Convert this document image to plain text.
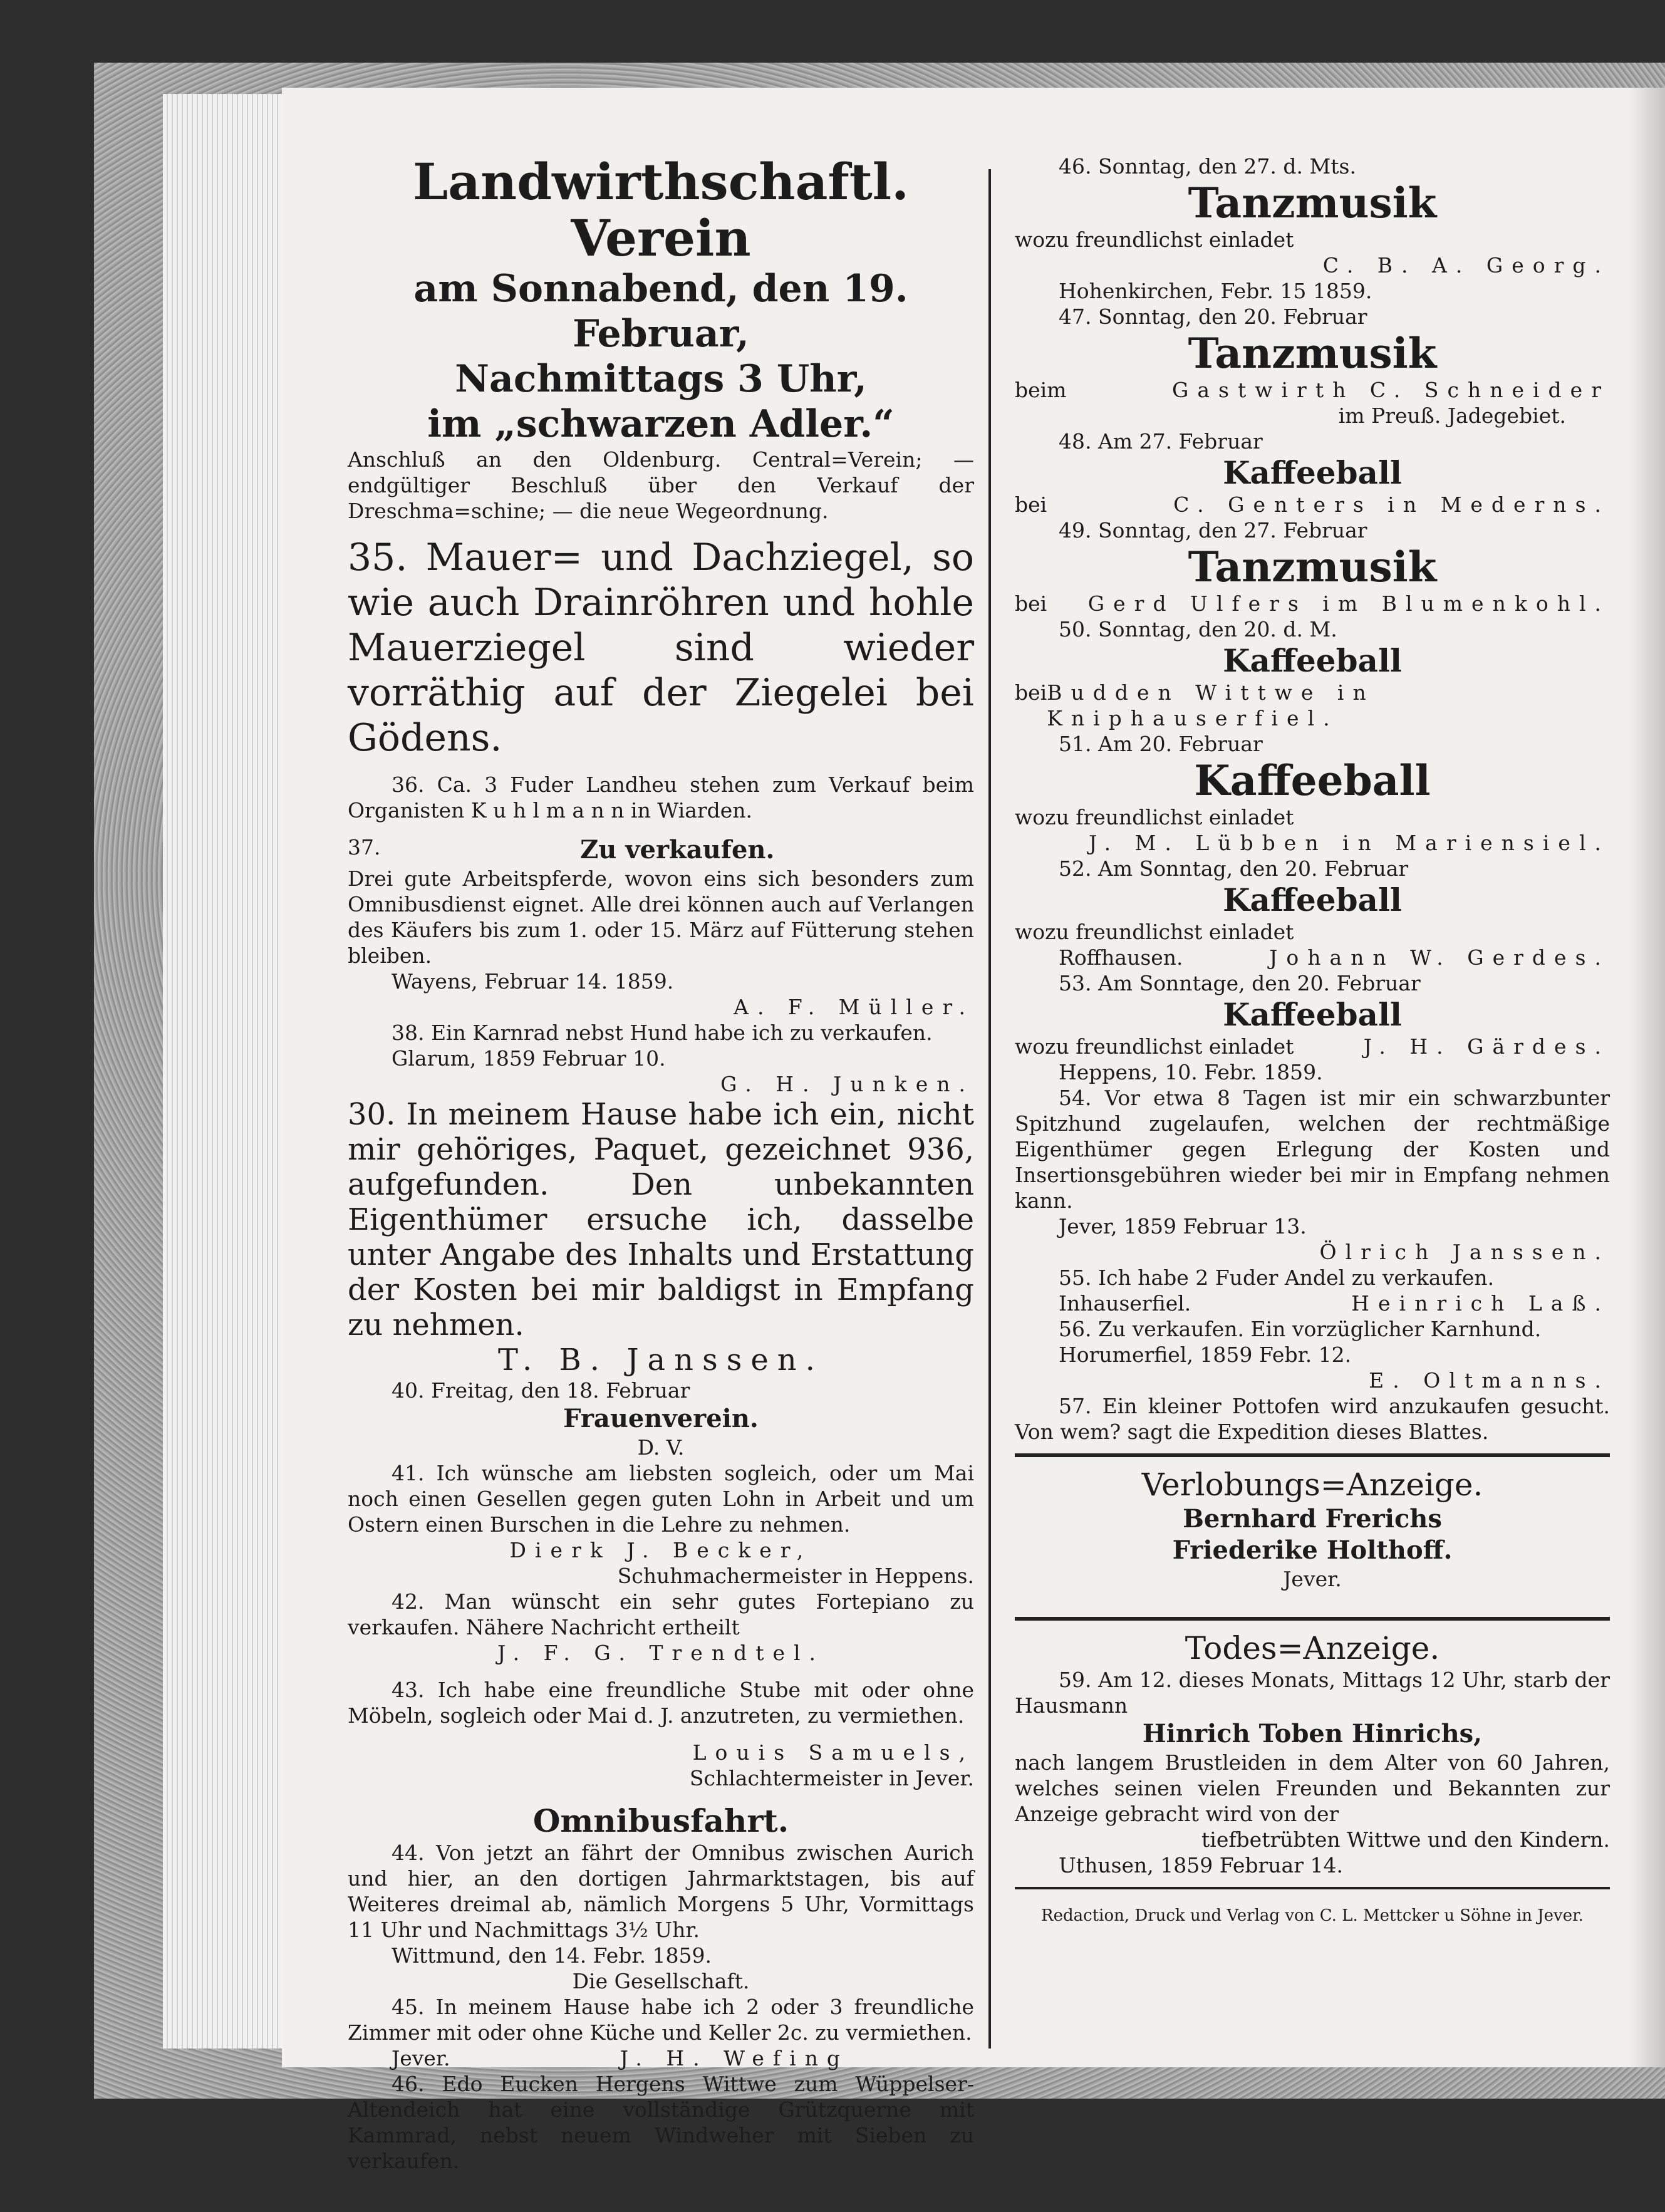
Landwirthschaftl. Verein

am Sonnabend, den 19. Februar,

Nachmittags 3 Uhr,

im „schwarzen Adler.“

Anschluß an den Oldenburg. Central=Verein; — endgültiger Beschluß über den Verkauf der Dreschma=schine; — die neue Wegeordnung.

35. Mauer= und Dachziegel, so wie auch Drainröhren und hohle Mauerziegel sind wieder vorräthig auf der Ziegelei bei Gödens.

36. Ca. 3 Fuder Landheu stehen zum Verkauf beim Organisten K u h l m a n n in Wiarden.

37.	Zu verkaufen.

Drei gute Arbeitspferde, wovon eins sich besonders zum Omnibusdienst eignet. Alle drei können auch auf Verlangen des Käufers bis zum 1. oder 15. März auf Fütterung stehen bleiben.

Wayens, Februar 14. 1859.

A. F. Müller.

38. Ein Karnrad nebst Hund habe ich zu verkaufen.

Glarum, 1859 Februar 10.

G. H. Junken.

30. In meinem Hause habe ich ein, nicht mir gehöriges, Paquet, gezeichnet 936, aufgefunden. Den unbekannten Eigenthümer ersuche ich, dasselbe unter Angabe des Inhalts und Erstattung der Kosten bei mir baldigst in Empfang zu nehmen.

T. B. Janssen.

40. Freitag, den 18. Februar

Frauenverein.

D. V.

41. Ich wünsche am liebsten sogleich, oder um Mai noch einen Gesellen gegen guten Lohn in Arbeit und um Ostern einen Burschen in die Lehre zu nehmen.

Dierk J. Becker,

Schuhmachermeister in Heppens.

42. Man wünscht ein sehr gutes Fortepiano zu verkaufen. Nähere Nachricht ertheilt

J. F. G. Trendtel.

43. Ich habe eine freundliche Stube mit oder ohne Möbeln, sogleich oder Mai d. J. anzutreten, zu vermiethen.

Louis Samuels,

Schlachtermeister in Jever.

Omnibusfahrt.

44. Von jetzt an fährt der Omnibus zwischen Aurich und hier, an den dortigen Jahrmarktstagen, bis auf Weiteres dreimal ab, nämlich Morgens 5 Uhr, Vormittags 11 Uhr und Nachmittags 3½ Uhr.

Wittmund, den 14. Febr. 1859.

Die Gesellschaft.

45. In meinem Hause habe ich 2 oder 3 freundliche Zimmer mit oder ohne Küche und Keller 2c. zu vermiethen.

Jever.	J. H. Wefing

46. Edo Eucken Hergens Wittwe zum Wüppelser-Altendeich hat eine vollständige Grützquerne mit Kammrad, nebst neuem Windweher mit Sieben zu verkaufen.

46. Sonntag, den 27. d. Mts.

Tanzmusik

wozu freundlichst einladet

C. B. A. Georg.

Hohenkirchen, Febr. 15 1859.

47. Sonntag, den 20. Februar

Tanzmusik

beim	Gastwirth C. Schneider

im Preuß. Jadegebiet.

48. Am 27. Februar

Kaffeeball

bei	C. Genters in Mederns.

49. Sonntag, den 27. Februar

Tanzmusik

bei Gerd Ulfers im Blumenkohl.

50. Sonntag, den 20. d. M.

Kaffeeball

bei Budden Wittwe in Kniphauserfiel.

51. Am 20. Februar

Kaffeeball

wozu freundlichst einladet

J. M. Lübben in Mariensiel.

52. Am Sonntag, den 20. Februar

Kaffeeball

wozu freundlichst einladet

Roffhausen.	Johann W. Gerdes.

53. Am Sonntage, den 20. Februar

Kaffeeball

wozu freundlichst einladet	J. H. Gärdes.

Heppens, 10. Febr. 1859.

54. Vor etwa 8 Tagen ist mir ein schwarzbunter Spitzhund zugelaufen, welchen der rechtmäßige Eigenthümer gegen Erlegung der Kosten und Insertionsgebühren wieder bei mir in Empfang nehmen kann.

Jever, 1859 Februar 13.

Ölrich Janssen.

55. Ich habe 2 Fuder Andel zu verkaufen.

Inhauserfiel.	Heinrich Laß.

56. Zu verkaufen. Ein vorzüglicher Karnhund.

Horumerfiel, 1859 Febr. 12.

E. Oltmanns.

57. Ein kleiner Pottofen wird anzukaufen gesucht. Von wem? sagt die Expedition dieses Blattes.

Verlobungs=Anzeige.

Bernhard Frerichs

Friederike Holthoff.

Jever.

Todes=Anzeige.

59. Am 12. dieses Monats, Mittags 12 Uhr, starb der Hausmann

Hinrich Toben Hinrichs,

nach langem Brustleiden in dem Alter von 60 Jahren, welches seinen vielen Freunden und Bekannten zur Anzeige gebracht wird von der

tiefbetrübten Wittwe und den Kindern.

Uthusen, 1859 Februar 14.

Redaction, Druck und Verlag von C. L. Mettcker u Söhne in Jever.
